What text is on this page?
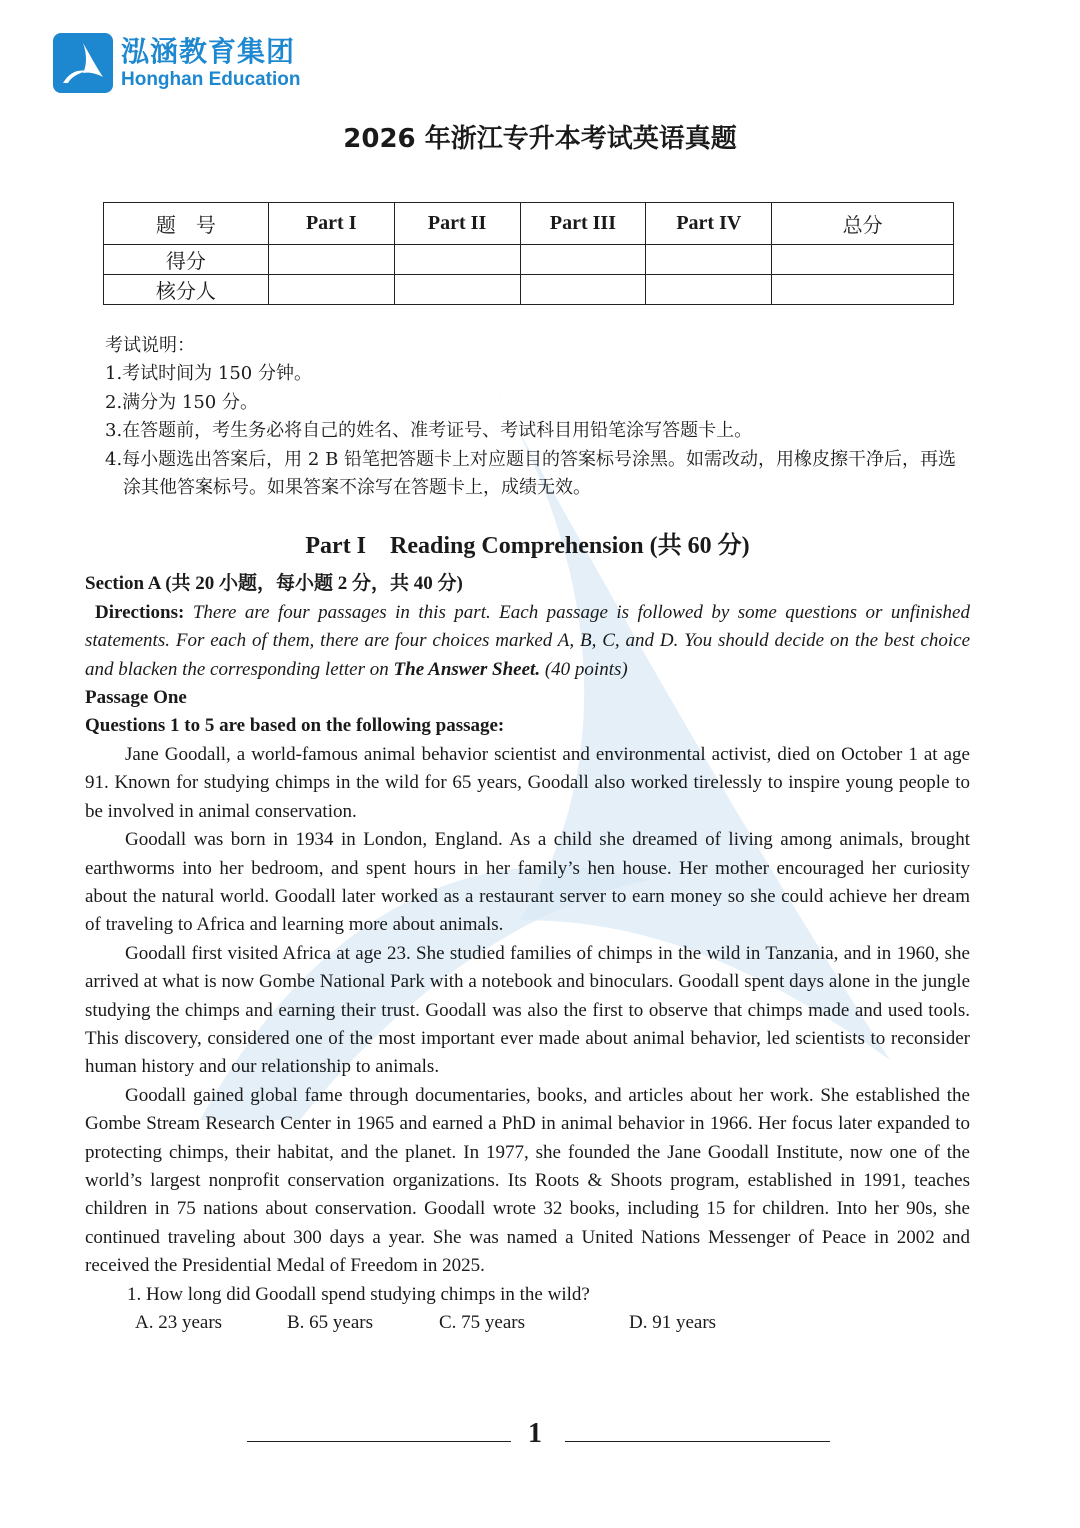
泓涵教育集团
Honghan Education
2026 年浙江专升本考试英语真题
题　号	Part I	Part II	Part III	Part IV	总分
得分					
核分人					

考试说明：

1.考试时间为 150 分钟。

2.满分为 150 分。

3.在答题前，考生务必将自己的姓名、准考证号、考试科目用铅笔涂写答题卡上。

4.每小题选出答案后，用 2 B 铅笔把答题卡上对应题目的答案标号涂黑。如需改动，用橡皮擦干净后，再选涂其他答案标号。如果答案不涂写在答题卡上，成绩无效。

Part I　Reading Comprehension (共 60 分)

Section A (共 20 小题，每小题 2 分，共 40 分)

Directions: There are four passages in this part. Each passage is followed by some questions or unfinished statements. For each of them, there are four choices marked A, B, C, and D. You should decide on the best choice and blacken the corresponding letter on The Answer Sheet. (40 points)

Passage One

Questions 1 to 5 are based on the following passage:

Jane Goodall, a world-famous animal behavior scientist and environmental activist, died on October 1 at age 91. Known for studying chimps in the wild for 65 years, Goodall also worked tirelessly to inspire young people to be involved in animal conservation.

Goodall was born in 1934 in London, England. As a child she dreamed of living among animals, brought earthworms into her bedroom, and spent hours in her family’s hen house. Her mother encouraged her curiosity about the natural world. Goodall later worked as a restaurant server to earn money so she could achieve her dream of traveling to Africa and learning more about animals.

Goodall first visited Africa at age 23. She studied families of chimps in the wild in Tanzania, and in 1960, she arrived at what is now Gombe National Park with a notebook and binoculars. Goodall spent days alone in the jungle studying the chimps and earning their trust. Goodall was also the first to observe that chimps made and used tools. This discovery, considered one of the most important ever made about animal behavior, led scientists to reconsider human history and our relationship to animals.

Goodall gained global fame through documentaries, books, and articles about her work. She established the Gombe Stream Research Center in 1965 and earned a PhD in animal behavior in 1966. Her focus later expanded to protecting chimps, their habitat, and the planet. In 1977, she founded the Jane Goodall Institute, now one of the world’s largest nonprofit conservation organizations. Its Roots & Shoots program, established in 1991, teaches children in 75 nations about conservation. Goodall wrote 32 books, including 15 for children. Into her 90s, she continued traveling about 300 days a year. She was named a United Nations Messenger of Peace in 2002 and received the Presidential Medal of Freedom in 2025.

1. How long did Goodall spend studying chimps in the wild?

A. 23 years	B. 65 years	C. 75 years	D. 91 years
1
